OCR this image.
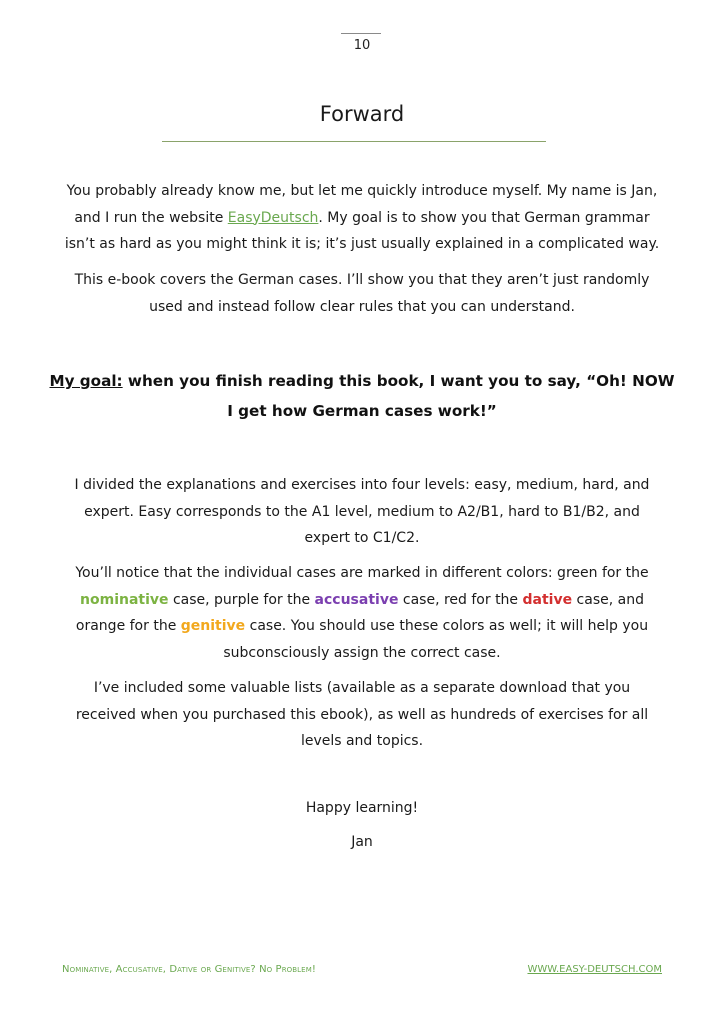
10
Forward
You probably already know me, but let me quickly introduce myself. My name is Jan,
and I run the website EasyDeutsch. My goal is to show you that German grammar
isn’t as hard as you might think it is; it’s just usually explained in a complicated way.
This e-book covers the German cases. I’ll show you that they aren’t just randomly
used and instead follow clear rules that you can understand.
My goal: when you finish reading this book, I want you to say, “Oh! NOW
I get how German cases work!”
I divided the explanations and exercises into four levels: easy, medium, hard, and
expert. Easy corresponds to the A1 level, medium to A2/B1, hard to B1/B2, and
expert to C1/C2.
You’ll notice that the individual cases are marked in different colors: green for the
nominative case, purple for the accusative case, red for the dative case, and
orange for the genitive case. You should use these colors as well; it will help you
subconsciously assign the correct case.
I’ve included some valuable lists (available as a separate download that you
received when you purchased this ebook), as well as hundreds of exercises for all
levels and topics.
Happy learning!
Jan
Nominative, Accusative, Dative or Genitive? No Problem!	WWW.EASY-DEUTSCH.COM
